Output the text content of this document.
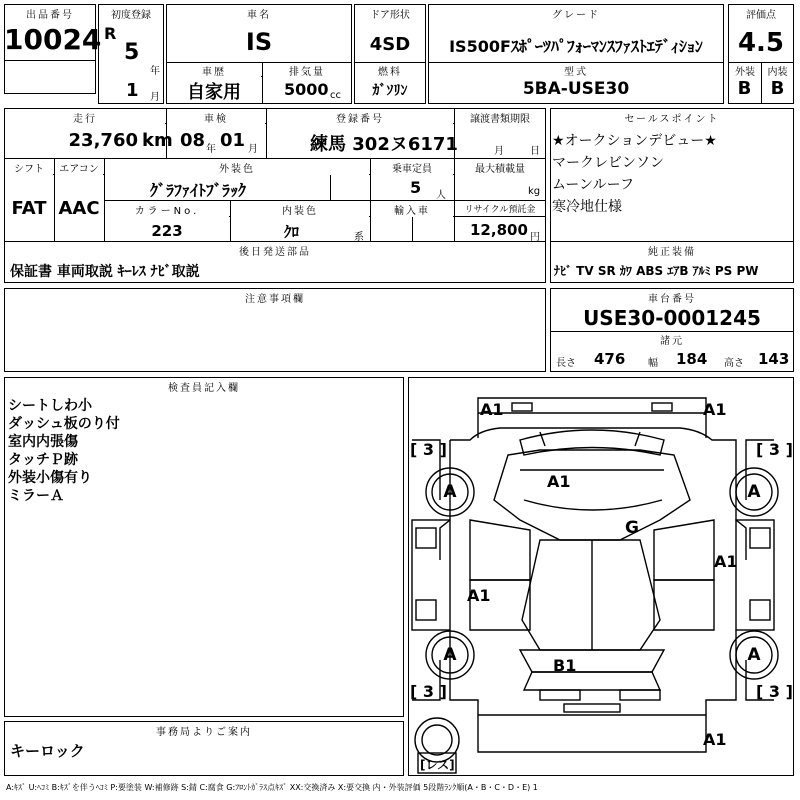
出品番号
10024
初度登録
R
5
年
1 月
車名
IS
車歴
自家用
排気量
5000 cc
ドア形状
4SD
燃料
ｶﾞｿﾘﾝ
グレード
IS500Fｽﾎﾟｰﾂﾊﾟﾌｫｰﾏﾝｽﾌｧｽﾄｴﾃﾞｨｼｮﾝ
型式
5BA-USE30
評価点
4.5
外装	内装
B	B
走行
23,760 km
車検
08 年 01 月
登録番号
練馬 302ヌ6171
譲渡書類期限
月	日
シフト
FAT
エアコン
AAC
外装色
ｸﾞﾗﾌｧｲﾄﾌﾞﾗｯｸ
乗車定員
5 人
最大積載量
kg
カラーNo.
223
内装色
ｸﾛ	系
輸入車	リサイクル預託金
12,800 円
セールスポイント
★オークションデビュー★
マークレビンソン
ムーンルーフ
寒冷地仕様
後日発送部品
保証書 車両取説 ｷｰﾚｽ ﾅﾋﾞ取説
純正装備
ﾅﾋﾞ TV SR ｶﾜ ABS ｴｱB ｱﾙﾐ PS PW
注意事項欄	車台番号
USE30-0001245
諸元
長さ 476 幅 184 高さ 143
検査員記入欄
シートしわ小
ダッシュ板のり付
室内内張傷
タッチＰ跡
外装小傷有り
ミラーＡ
事務局よりご案内
キーロック
A1	A1
[ 3 ]	[ 3 ]
A	A
A1
G
A1
A1
A	A
B1
[ 3 ]	[ 3 ]
A1
[レス]
A:ｷｽﾞ U:ﾍｺﾐ B:ｷｽﾞを伴うﾍｺﾐ P:要塗装 W:補修跡 S:錆 C:腐食 G:ﾌﾛﾝﾄｶﾞﾗｽ点ｷｽﾞ XX:交換済み X:要交換 内・外装評価 5段階ﾗﾝｸ順(A・B・C・D・E) 1
